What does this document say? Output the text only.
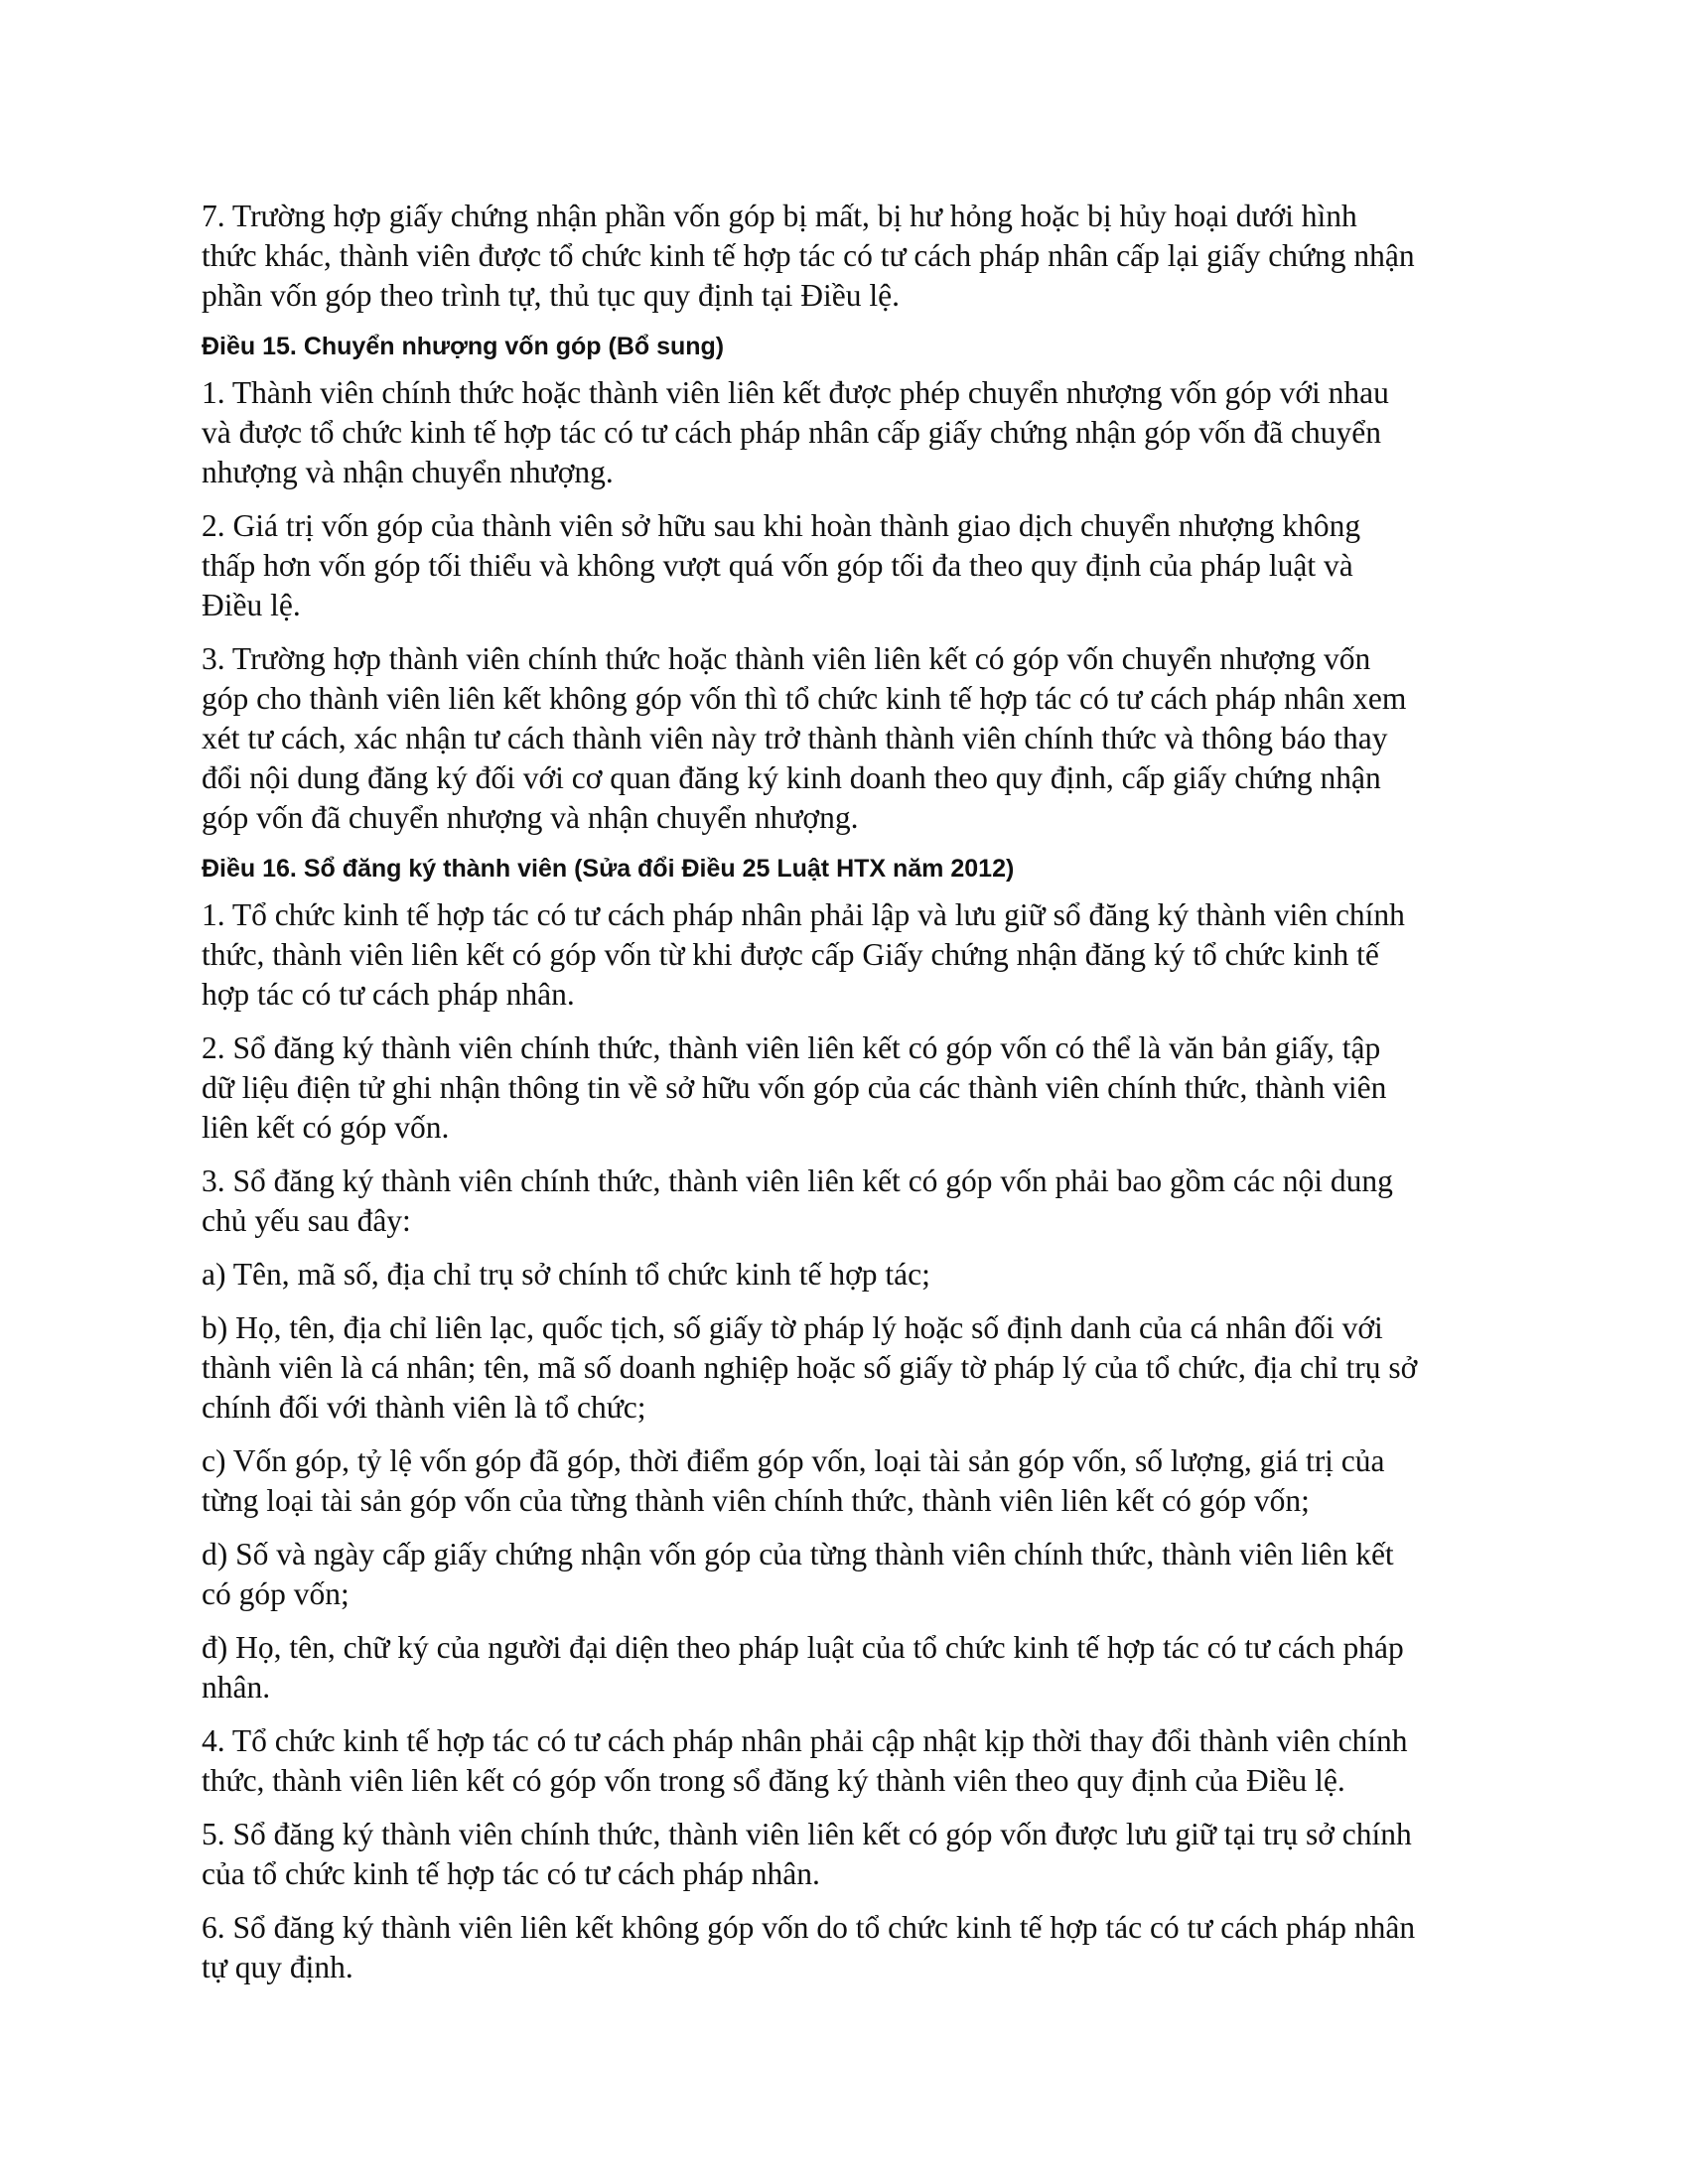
7. Trường hợp giấy chứng nhận phần vốn góp bị mất, bị hư hỏng hoặc bị hủy hoại dưới hình
thức khác, thành viên được tổ chức kinh tế hợp tác có tư cách pháp nhân cấp lại giấy chứng nhận
phần vốn góp theo trình tự, thủ tục quy định tại Điều lệ.

Điều 15. Chuyển nhượng vốn góp (Bổ sung)

1. Thành viên chính thức hoặc thành viên liên kết được phép chuyển nhượng vốn góp với nhau
và được tổ chức kinh tế hợp tác có tư cách pháp nhân cấp giấy chứng nhận góp vốn đã chuyển
nhượng và nhận chuyển nhượng.

2. Giá trị vốn góp của thành viên sở hữu sau khi hoàn thành giao dịch chuyển nhượng không
thấp hơn vốn góp tối thiểu và không vượt quá vốn góp tối đa theo quy định của pháp luật và
Điều lệ.

3. Trường hợp thành viên chính thức hoặc thành viên liên kết có góp vốn chuyển nhượng vốn
góp cho thành viên liên kết không góp vốn thì tổ chức kinh tế hợp tác có tư cách pháp nhân xem
xét tư cách, xác nhận tư cách thành viên này trở thành thành viên chính thức và thông báo thay
đổi nội dung đăng ký đối với cơ quan đăng ký kinh doanh theo quy định, cấp giấy chứng nhận
góp vốn đã chuyển nhượng và nhận chuyển nhượng.

Điều 16. Sổ đăng ký thành viên (Sửa đổi Điều 25 Luật HTX năm 2012)

1. Tổ chức kinh tế hợp tác có tư cách pháp nhân phải lập và lưu giữ sổ đăng ký thành viên chính
thức, thành viên liên kết có góp vốn từ khi được cấp Giấy chứng nhận đăng ký tổ chức kinh tế
hợp tác có tư cách pháp nhân.

2. Sổ đăng ký thành viên chính thức, thành viên liên kết có góp vốn có thể là văn bản giấy, tập
dữ liệu điện tử ghi nhận thông tin về sở hữu vốn góp của các thành viên chính thức, thành viên
liên kết có góp vốn.

3. Sổ đăng ký thành viên chính thức, thành viên liên kết có góp vốn phải bao gồm các nội dung
chủ yếu sau đây:

a) Tên, mã số, địa chỉ trụ sở chính tổ chức kinh tế hợp tác;

b) Họ, tên, địa chỉ liên lạc, quốc tịch, số giấy tờ pháp lý hoặc số định danh của cá nhân đối với
thành viên là cá nhân; tên, mã số doanh nghiệp hoặc số giấy tờ pháp lý của tổ chức, địa chỉ trụ sở
chính đối với thành viên là tổ chức;

c) Vốn góp, tỷ lệ vốn góp đã góp, thời điểm góp vốn, loại tài sản góp vốn, số lượng, giá trị của
từng loại tài sản góp vốn của từng thành viên chính thức, thành viên liên kết có góp vốn;

d) Số và ngày cấp giấy chứng nhận vốn góp của từng thành viên chính thức, thành viên liên kết
có góp vốn;

đ) Họ, tên, chữ ký của người đại diện theo pháp luật của tổ chức kinh tế hợp tác có tư cách pháp
nhân.

4. Tổ chức kinh tế hợp tác có tư cách pháp nhân phải cập nhật kịp thời thay đổi thành viên chính
thức, thành viên liên kết có góp vốn trong sổ đăng ký thành viên theo quy định của Điều lệ.

5. Sổ đăng ký thành viên chính thức, thành viên liên kết có góp vốn được lưu giữ tại trụ sở chính
của tổ chức kinh tế hợp tác có tư cách pháp nhân.

6. Sổ đăng ký thành viên liên kết không góp vốn do tổ chức kinh tế hợp tác có tư cách pháp nhân
tự quy định.
